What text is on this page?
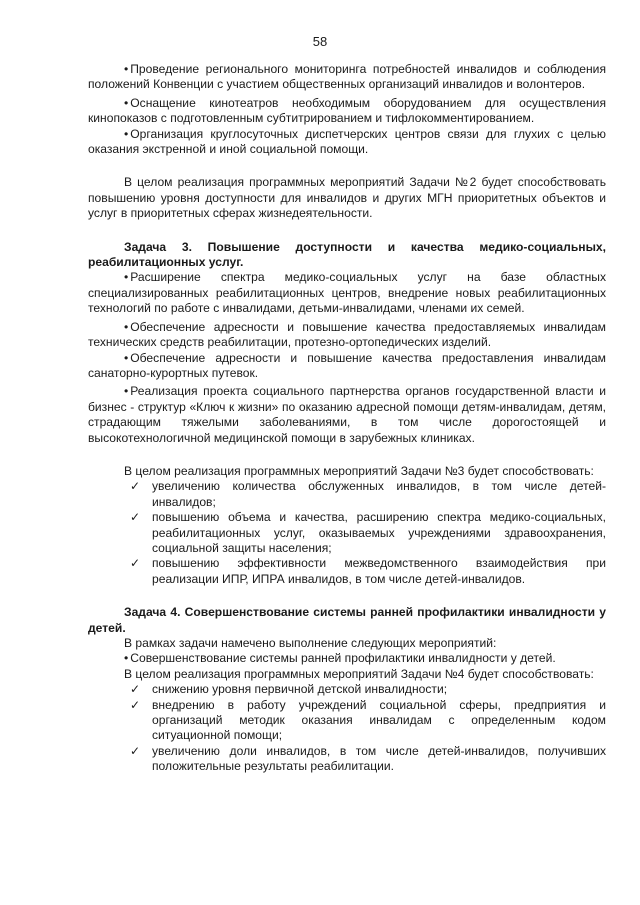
58

• Проведение регионального мониторинга потребностей инвалидов и соблюдения положений Конвенции с участием общественных организаций инвалидов и волонтеров.

• Оснащение кинотеатров необходимым оборудованием для осуществления кинопоказов с подготовленным субтитрированием и тифлокомментированием.

• Организация круглосуточных диспетчерских центров связи для глухих с целью оказания экстренной и иной социальной помощи.

В целом реализация программных мероприятий Задачи №2 будет способствовать повышению уровня доступности для инвалидов и других МГН приоритетных объектов и услуг в приоритетных сферах жизнедеятельности.

Задача 3. Повышение доступности и качества медико-социальных, реабилитационных услуг.

• Расширение спектра медико-социальных услуг на базе областных специализированных реабилитационных центров, внедрение новых реабилитационных технологий по работе с инвалидами, детьми-инвалидами, членами их семей.

• Обеспечение адресности и повышение качества предоставляемых инвалидам технических средств реабилитации, протезно-ортопедических изделий.

• Обеспечение адресности и повышение качества предоставления инвалидам санаторно-курортных путевок.

• Реализация проекта социального партнерства органов государственной власти и бизнес - структур «Ключ к жизни» по оказанию адресной помощи детям-инвалидам, детям, страдающим тяжелыми заболеваниями, в том числе дорогостоящей и высокотехнологичной медицинской помощи в зарубежных клиниках.

В целом реализация программных мероприятий Задачи №3 будет способствовать:

✓ увеличению количества обслуженных инвалидов, в том числе детей-инвалидов;
✓ повышению объема и качества, расширению спектра медико-социальных, реабилитационных услуг, оказываемых учреждениями здравоохранения, социальной защиты населения;
✓ повышению эффективности межведомственного взаимодействия при реализации ИПР, ИПРА инвалидов, в том числе детей-инвалидов.

Задача 4. Совершенствование системы ранней профилактики инвалидности у детей.

В рамках задачи намечено выполнение следующих мероприятий:

• Совершенствование системы ранней профилактики инвалидности у детей.

В целом реализация программных мероприятий Задачи №4 будет способствовать:

✓ снижению уровня первичной детской инвалидности;
✓ внедрению в работу учреждений социальной сферы, предприятия и организаций методик оказания инвалидам с определенным кодом ситуационной помощи;
✓ увеличению доли инвалидов, в том числе детей-инвалидов, получивших положительные результаты реабилитации.
